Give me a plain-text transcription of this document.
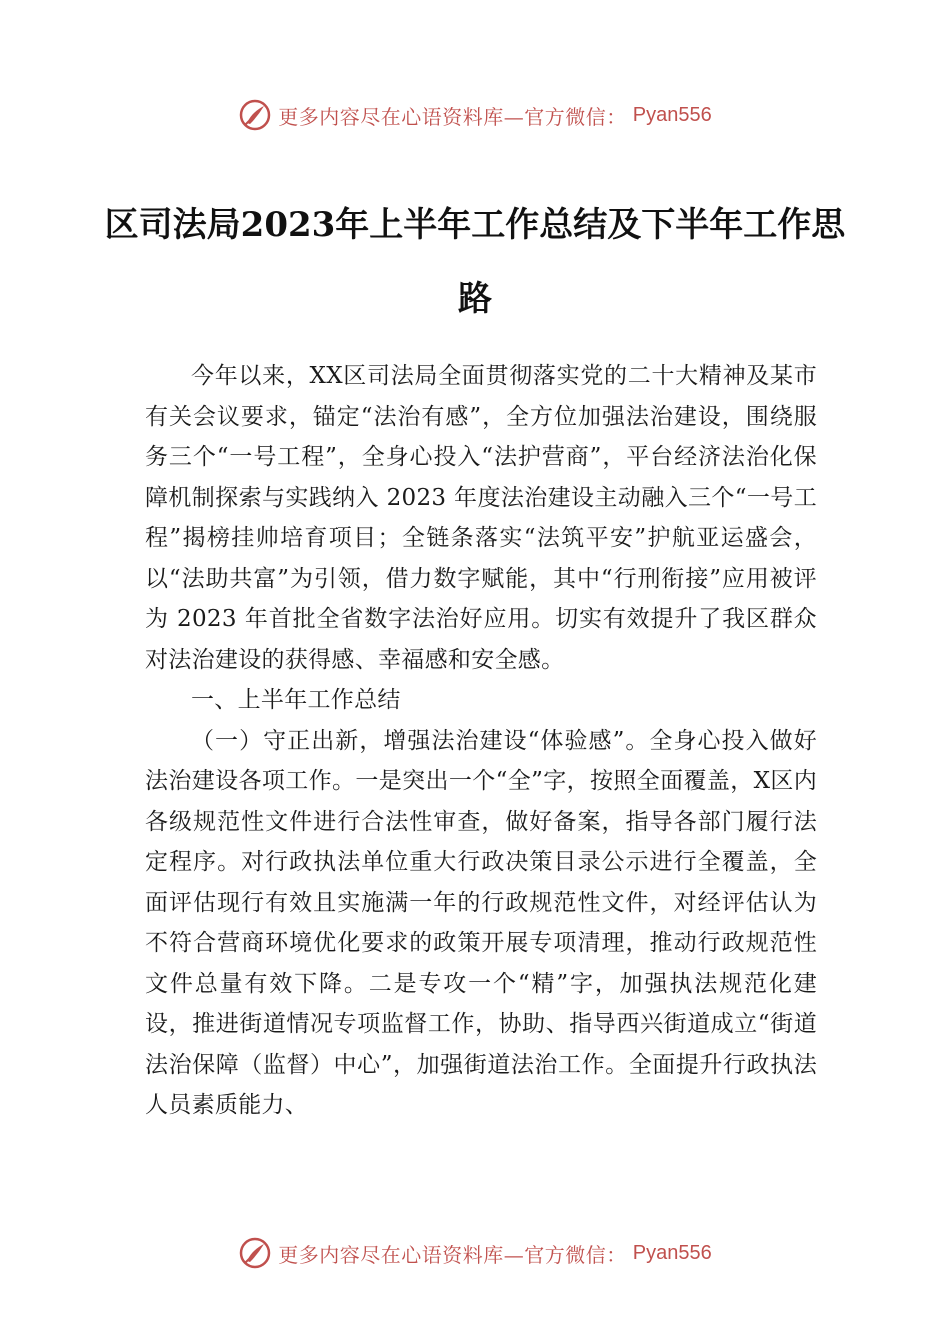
更多内容尽在心语资料库—官方微信： Pyan556
区司法局2023年上半年工作总结及下半年工作思路

今年以来，XX区司法局全面贯彻落实党的二十大精神及某市有关会议要求，锚定“法治有感”，全方位加强法治建设，围绕服务三个“一号工程”，全身心投入“法护营商”，平台经济法治化保障机制探索与实践纳入 2023 年度法治建设主动融入三个“一号工程”揭榜挂帅培育项目；全链条落实“法筑平安”护航亚运盛会，以“法助共富”为引领，借力数字赋能，其中“行刑衔接”应用被评为 2023 年首批全省数字法治好应用。切实有效提升了我区群众对法治建设的获得感、幸福感和安全感。

一、上半年工作总结

（一）守正出新，增强法治建设“体验感”。全身心投入做好法治建设各项工作。一是突出一个“全”字，按照全面覆盖，X区内各级规范性文件进行合法性审查，做好备案，指导各部门履行法定程序。对行政执法单位重大行政决策目录公示进行全覆盖，全面评估现行有效且实施满一年的行政规范性文件，对经评估认为不符合营商环境优化要求的政策开展专项清理，推动行政规范性文件总量有效下降。二是专攻一个“精”字，加强执法规范化建设，推进街道情况专项监督工作，协助、指导西兴街道成立“街道法治保障（监督）中心”，加强街道法治工作。全面提升行政执法人员素质能力、

更多内容尽在心语资料库—官方微信： Pyan556
